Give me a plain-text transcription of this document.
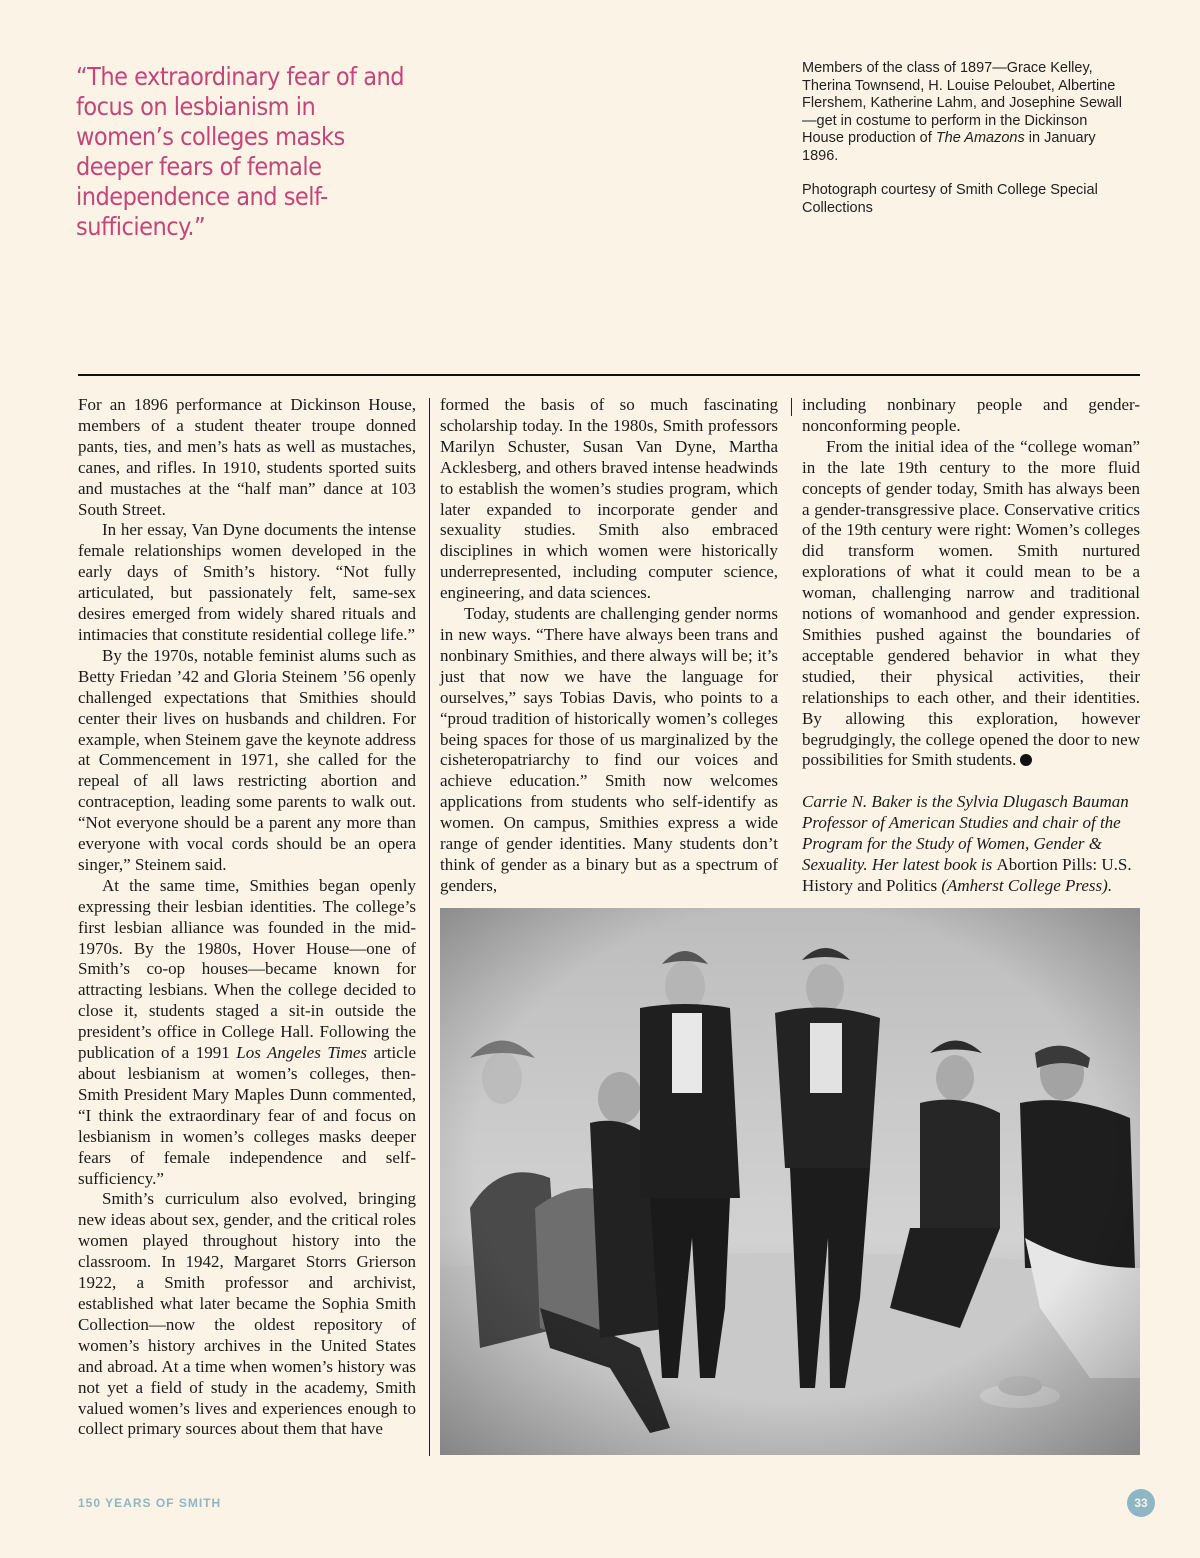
“The extraordinary fear of and focus on lesbianism in women’s colleges masks deeper fears of female independence and self-sufficiency.”

Members of the class of 1897—Grace Kelley, Therina Townsend, H. Louise Peloubet, Albertine Flershem, Katherine Lahm, and Josephine Sewall—get in costume to perform in the Dickinson House production of The Amazons in January 1896.

Photograph courtesy of Smith College Special Collections

For an 1896 performance at Dickinson House, members of a student theater troupe donned pants, ties, and men’s hats as well as mustaches, canes, and rifles. In 1910, students sported suits and mustaches at the “half man” dance at 103 South Street.

In her essay, Van Dyne documents the intense female relationships women developed in the early days of Smith’s history. “Not fully articulated, but passionately felt, same-sex desires emerged from widely shared rituals and intimacies that constitute residential college life.”

By the 1970s, notable feminist alums such as Betty Friedan ’42 and Gloria Steinem ’56 openly challenged expectations that Smithies should center their lives on husbands and children. For example, when Steinem gave the keynote address at Commencement in 1971, she called for the repeal of all laws restricting abortion and contraception, leading some parents to walk out. “Not everyone should be a parent any more than everyone with vocal cords should be an opera singer,” Steinem said.

At the same time, Smithies began openly expressing their lesbian identities. The college’s first lesbian alliance was founded in the mid-1970s. By the 1980s, Hover House—one of Smith’s co-op houses—became known for attracting lesbians. When the college decided to close it, students staged a sit-in outside the president’s office in College Hall. Following the publication of a 1991 Los Angeles Times article about lesbianism at women’s colleges, then-Smith President Mary Maples Dunn commented, “I think the extraordinary fear of and focus on lesbianism in women’s colleges masks deeper fears of female independence and self-sufficiency.”

Smith’s curriculum also evolved, bringing new ideas about sex, gender, and the critical roles women played throughout history into the classroom. In 1942, Margaret Storrs Grierson 1922, a Smith professor and archivist, established what later became the Sophia Smith Collection—now the oldest repository of women’s history archives in the United States and abroad. At a time when women’s history was not yet a field of study in the academy, Smith valued women’s lives and experiences enough to collect primary sources about them that have

formed the basis of so much fascinating scholarship today. In the 1980s, Smith professors Marilyn Schuster, Susan Van Dyne, Martha Acklesberg, and others braved intense headwinds to establish the women’s studies program, which later expanded to incorporate gender and sexuality studies. Smith also embraced disciplines in which women were historically underrepresented, including computer science, engineering, and data sciences.

Today, students are challenging gender norms in new ways. “There have always been trans and nonbinary Smithies, and there always will be; it’s just that now we have the language for ourselves,” says Tobias Davis, who points to a “proud tradition of historically women’s colleges being spaces for those of us marginalized by the cisheteropatriarchy to find our voices and achieve education.” Smith now welcomes applications from students who self-identify as women. On campus, Smithies express a wide range of gender identities. Many students don’t think of gender as a binary but as a spectrum of genders,

including nonbinary people and gender-nonconforming people.

From the initial idea of the “college woman” in the late 19th century to the more fluid concepts of gender today, Smith has always been a gender-transgressive place. Conservative critics of the 19th century were right: Women’s colleges did transform women. Smith nurtured explorations of what it could mean to be a woman, challenging narrow and traditional notions of womanhood and gender expression. Smithies pushed against the boundaries of acceptable gendered behavior in what they studied, their physical activities, their relationships to each other, and their identities. By allowing this exploration, however begrudgingly, the college opened the door to new possibilities for Smith students.

Carrie N. Baker is the Sylvia Dlugasch Bauman Professor of American Studies and chair of the Program for the Study of Women, Gender & Sexuality. Her latest book is Abortion Pills: U.S. History and Politics (Amherst College Press).

150 YEARS OF SMITH	33
